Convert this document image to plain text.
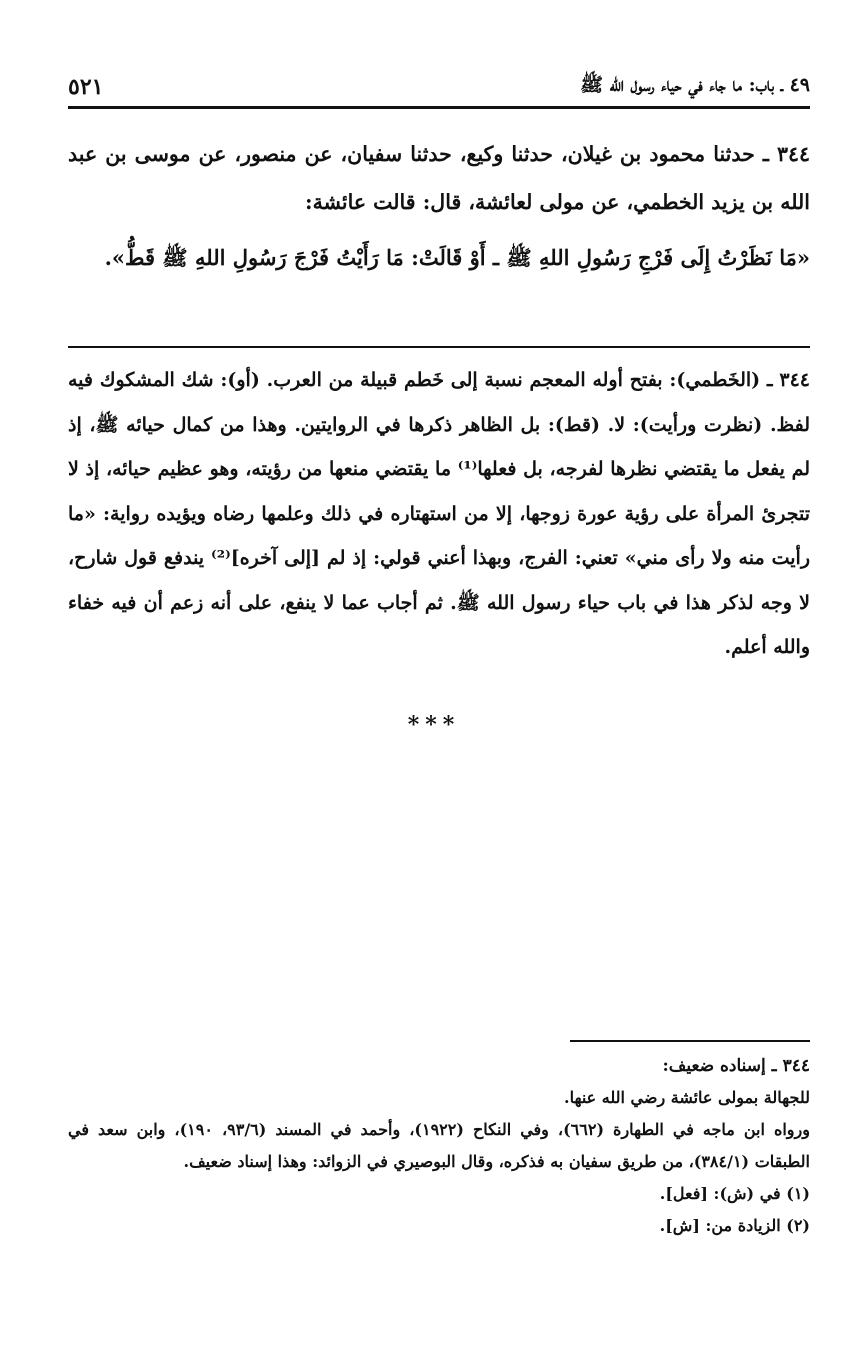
٤٩ ـ باب: ما جاء في حياء رسول الله ﷺ
٥٢١
٣٤٤ ـ حدثنا محمود بن غيلان، حدثنا وكيع، حدثنا سفيان، عن منصور، عن موسى بن عبد الله بن يزيد الخطمي، عن مولى لعائشة، قال: قالت عائشة:
«مَا نَظَرْتُ إِلَى فَرْجِ رَسُولِ اللهِ ﷺ ـ أَوْ قَالَتْ: مَا رَأَيْتُ فَرْجَ رَسُولِ اللهِ ﷺ قَطُّ».
٣٤٤ ـ (الخَطمي): بفتح أوله المعجم نسبة إلى خَطم قبيلة من العرب. (أو): شك المشكوك فيه لفظ. (نظرت ورأيت): لا. (قط): بل الظاهر ذكرها في الروايتين. وهذا من كمال حيائه ﷺ، إذ لم يفعل ما يقتضي نظرها لفرجه، بل فعلها⁽¹⁾ ما يقتضي منعها من رؤيته، وهو عظيم حيائه، إذ لا تتجرئ المرأة على رؤية عورة زوجها، إلا من استهتاره في ذلك وعلمها رضاه ويؤيده رواية: «ما رأيت منه ولا رأى مني» تعني: الفرج، وبهذا أعني قولي: إذ لم [إلى آخره]⁽²⁾ يندفع قول شارح، لا وجه لذكر هذا في باب حياء رسول الله ﷺ. ثم أجاب عما لا ينفع، على أنه زعم أن فيه خفاء والله أعلم.
***
٣٤٤ ـ إسناده ضعيف:
للجهالة بمولى عائشة رضي الله عنها.
ورواه ابن ماجه في الطهارة (٦٦٢)، وفي النكاح (١٩٢٢)، وأحمد في المسند (٩٣/٦، ١٩٠)، وابن سعد في الطبقات (٣٨٤/١)، من طريق سفيان به فذكره، وقال البوصيري في الزوائد: وهذا إسناد ضعيف.
(١) في (ش): [فعل].
(٢) الزيادة من: [ش].
